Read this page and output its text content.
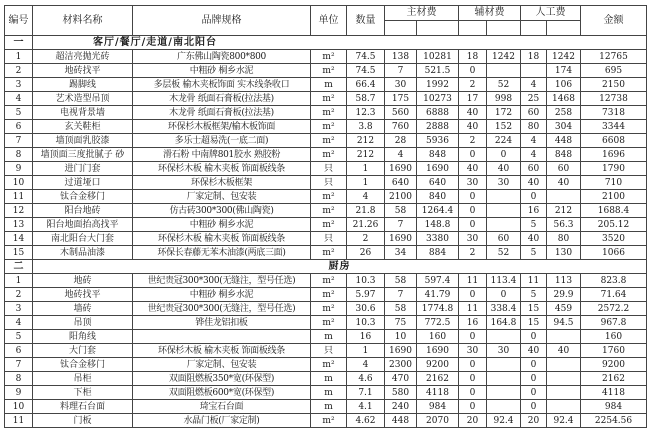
编号	材料名称	品牌规格	单位	数量	主材费		辅材费		人工费		金额

一	客厅/餐厅/走道/南北阳台										
1	超洁亮抛光砖	广东佛山陶瓷800*800	m²	74.5	138	10281	18	1242	18	1242	12765
2	地砖找平	中粗砂 桐乡水泥	m²	74.5	7	521.5	0			174	695
3	踢脚线	多层板 榆木夹板饰面 实木线条收口	m	66.4	30	1992	2	52	4	106	2150
4	艺术造型吊顶	木龙骨 纸面石膏板(拉法基)	m²	58.7	175	10273	17	998	25	1468	12738
5	电视背景墙	木龙骨 纸面石膏板(拉法基)	m²	12.3	560	6888	40	172	60	258	7318
6	玄关鞋柜	环保杉木板框架/榆木板饰面	m²	3.8	760	2888	40	152	80	304	3344
7	墙顶面乳胶漆	多乐士超易洗(一底二面)	m²	212	28	5936	2	224	4	448	6608
8	墙顶面三度批腻子 砂	滑石粉 中南牌801胶水 熟胶粉	m²	212	4	848	0	0	4	848	1696
9	进门门套	环保杉木板 榆木夹板 饰面板线条	只	1	1690	1690	40	40	60	60	1790
10	过道垭口	环保杉木板框架	只	1	640	640	30	30	40	40	710
11	钛合金移门	厂家定制、包安装	m²	4	2100	840	0		0		2100
12	阳台地砖	仿古砖300*300(佛山陶瓷)	m²	21.8	58	1264.4	0		16	212	1688.4
13	阳台地面抬高找平	中粗砂 桐乡水泥	m²	21.26	7	148.8	0		5	56.3	205.12
14	南北阳台大门套	环保杉木板 榆木夹板 饰面板线条	只	2	1690	3380	30	60	40	80	3520
15	木制品油漆	环保长春藤无苯木油漆(两底三面)	m²	26	34	884	2	52	5	130	1066
二	厨房										
1	地砖	世纪贵冠300*300(无缝注，型号任选)	m²	10.3	58	597.4	11	113.4	11	113	823.8
2	地砖找平	中粗砂 桐乡水泥	m²	5.97	7	41.79	0	0	5	29.9	71.64
3	墙砖	世纪贵冠300*300(无缝注，型号任选)	m²	30.6	58	1774.8	11	338.4	15	459	2572.2
4	吊顶	铧佳龙铝扣板	m²	10.3	75	772.5	16	164.8	15	94.5	967.8
5	阳角线		m	16	10	160	0		0		160
6	大门套	环保杉木板 榆木夹板 饰面板线条	只	1	1690	1690	30	30	40	40	1760
7	钛合金移门	厂家定制、包安装	m²	4	2300	9200	0		0		9200
8	吊柜	双面阻燃板350*宽(环保型)	m	4.6	470	2162	0		0		2162
9	下柜	双面阻燃板600*宽(环保型)	m	7.1	580	4118	0		0		4118
10	料理石台面	琦宝石台面	m	4.1	240	984	0		0		984
11	门板	水晶门板(厂家定制)	m²	4.62	448	2070	20	92.4	20	92.4	2254.56
